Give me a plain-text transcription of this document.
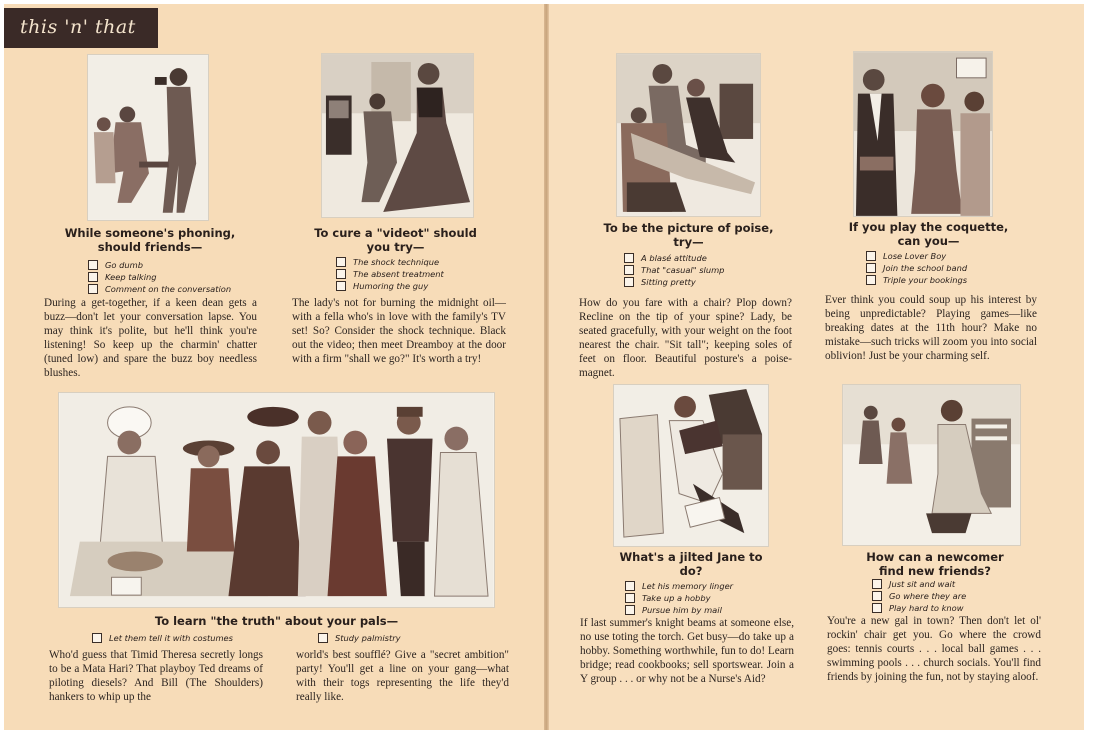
this 'n' that
While someone's phoning, should friends—
Go dumb
Keep talking
Comment on the conversation
During a get-together, if a keen dean gets a buzz—don't let your conversation lapse. You may think it's polite, but he'll think you're listening! So keep up the charmin' chatter (tuned low) and spare the buzz boy needless blushes.
To cure a "videot" should you try—
The shock technique
The absent treatment
Humoring the guy
The lady's not for burning the midnight oil—with a fella who's in love with the family's TV set! So? Consider the shock technique. Black out the video; then meet Dreamboy at the door with a firm "shall we go?" It's worth a try!
To learn "the truth" about your pals—
Let them tell it with costumes	Study palmistry
Who'd guess that Timid Theresa secretly longs to be a Mata Hari? That playboy Ted dreams of piloting diesels? And Bill (The Shoulders) hankers to whip up the
world's best soufflé? Give a "secret ambition" party! You'll get a line on your gang—what with their togs representing the life they'd really like.
To be the picture of poise, try—
A blasé attitude
That "casual" slump
Sitting pretty
How do you fare with a chair? Plop down? Recline on the tip of your spine? Lady, be seated gracefully, with your weight on the foot nearest the chair. "Sit tall"; keeping soles of feet on floor. Beautiful posture's a poise-magnet.
If you play the coquette, can you—
Lose Lover Boy
Join the school band
Triple your bookings
Ever think you could soup up his interest by being unpredictable? Playing games—like breaking dates at the 11th hour? Make no mistake—such tricks will zoom you into social oblivion! Just be your charming self.
What's a jilted Jane to do?
Let his memory linger
Take up a hobby
Pursue him by mail
If last summer's knight beams at someone else, no use toting the torch. Get busy—do take up a hobby. Something worthwhile, fun to do! Learn bridge; read cookbooks; sell sportswear. Join a Y group . . . or why not be a Nurse's Aid?
How can a newcomer find new friends?
Just sit and wait
Go where they are
Play hard to know
You're a new gal in town? Then don't let ol' rockin' chair get you. Go where the crowd goes: tennis courts . . . local ball games . . . swimming pools . . . church socials. You'll find friends by joining the fun, not by staying aloof.
